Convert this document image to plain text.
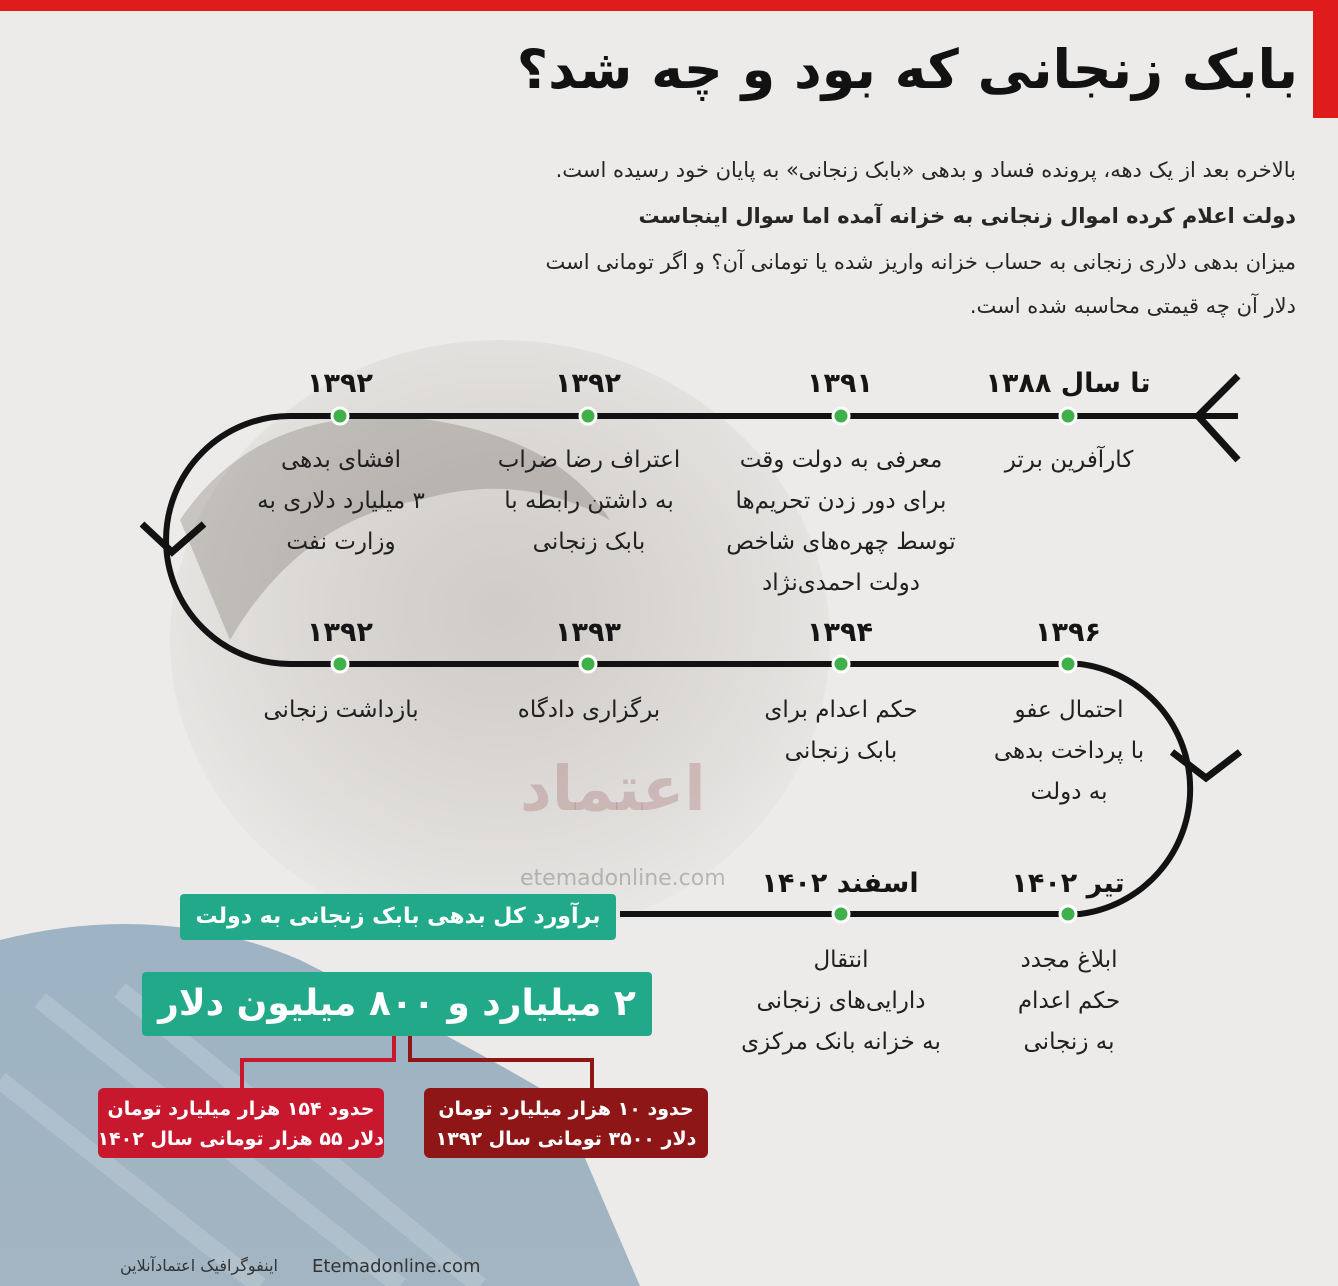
اعتماد
etemadonline.com
بابک زنجانی که بود و چه شد؟
بالاخره بعد از یک دهه، پرونده فساد و بدهی «بابک زنجانی» به پایان خود رسیده است.
دولت اعلام کرده اموال زنجانی به خزانه آمده اما سوال اینجاست
میزان بدهی دلاری زنجانی به حساب خزانه واریز شده یا تومانی آن؟ و اگر تومانی است
دلار آن چه قیمتی محاسبه شده است.
تا سال ۱۳۸۸
۱۳۹۱
۱۳۹۲
۱۳۹۲
۱۳۹۲	۱۳۹۳	۱۳۹۴	۱۳۹۶
تیر ۱۴۰۲
اسفند ۱۴۰۲
کارآفرین برتر
معرفی به دولت وقت
برای دور زدن تحریم‌ها
توسط چهره‌های شاخص
دولت احمدی‌نژاد
اعتراف رضا ضراب
به داشتن رابطه با
بابک زنجانی
افشای بدهی
۳ میلیارد دلاری به
وزارت نفت
بازداشت زنجانی	برگزاری دادگاه	حکم اعدام برای
بابک زنجانی
احتمال عفو
با پرداخت بدهی
به دولت
ابلاغ مجدد
حکم اعدام
به زنجانی
انتقال
دارایی‌های زنجانی
به خزانه بانک مرکزی
برآورد کل بدهی بابک زنجانی به دولت
۲ میلیارد و ۸۰۰ میلیون دلار
حدود ۱۰ هزار میلیارد تومان
دلار ۳۵۰۰ تومانی سال ۱۳۹۲
حدود ۱۵۴ هزار میلیارد تومان
دلار ۵۵ هزار تومانی سال ۱۴۰۲
Etemadonline.com
اینفوگرافیک اعتمادآنلاین
